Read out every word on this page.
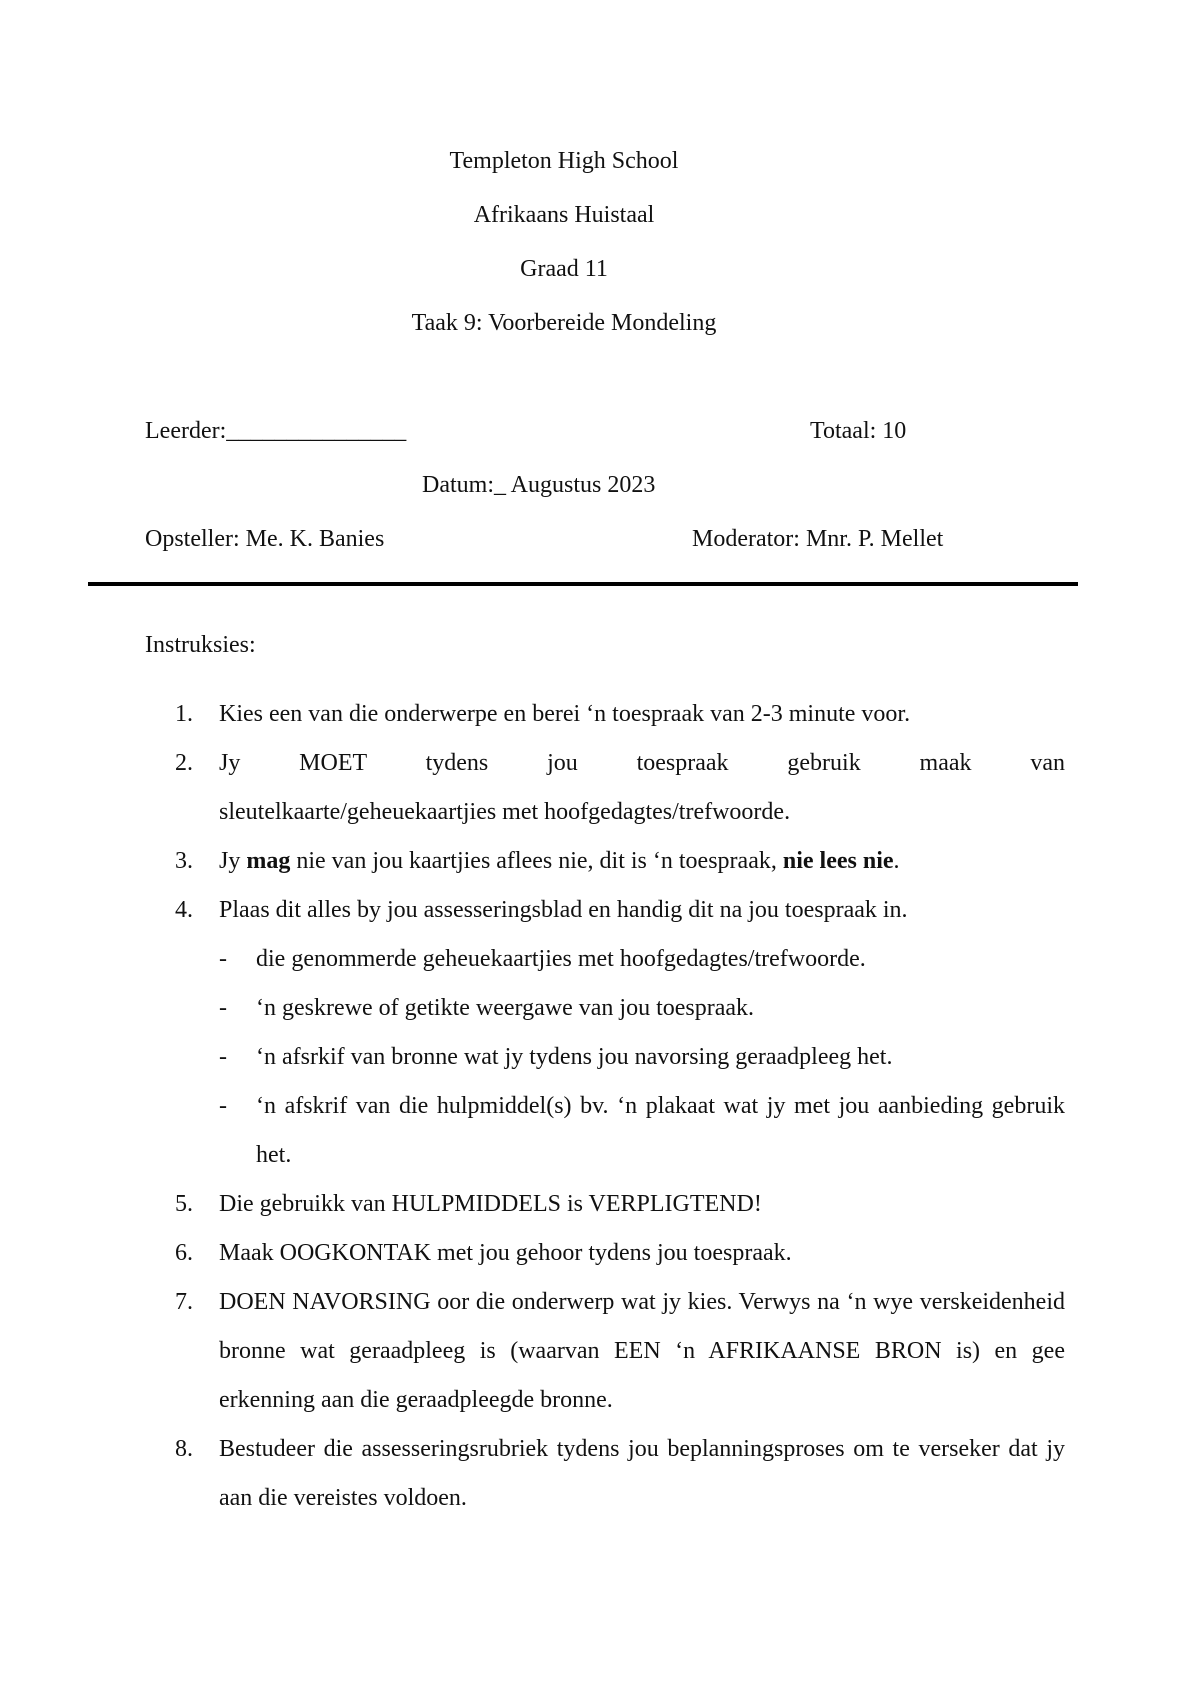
Templeton High School
Afrikaans Huistaal
Graad 11
Taak 9: Voorbereide Mondeling
Leerder:_______________	Totaal: 10
Datum:_ Augustus 2023
Opsteller: Me. K. Banies	Moderator: Mnr. P. Mellet
Instruksies:
1. Kies een van die onderwerpe en berei ‘n toespraak van 2-3 minute voor.
2. Jy MOET tydens jou toespraak gebruik maak van
sleutelkaarte/geheuekaartjies met hoofgedagtes/trefwoorde.
3. Jy mag nie van jou kaartjies aflees nie, dit is ‘n toespraak, nie lees nie.
4. Plaas dit alles by jou assesseringsblad en handig dit na jou toespraak in.
- die genommerde geheuekaartjies met hoofgedagtes/trefwoorde.
- ‘n geskrewe of getikte weergawe van jou toespraak.
- ‘n afsrkif van bronne wat jy tydens jou navorsing geraadpleeg het.
- ‘n afskrif van die hulpmiddel(s) bv. ‘n plakaat wat jy met jou aanbieding gebruik het.
5. Die gebruikk van HULPMIDDELS is VERPLIGTEND!
6. Maak OOGKONTAK met jou gehoor tydens jou toespraak.
7. DOEN NAVORSING oor die onderwerp wat jy kies. Verwys na ‘n wye verskeidenheid bronne wat geraadpleeg is (waarvan EEN ‘n AFRIKAANSE BRON is) en gee erkenning aan die geraadpleegde bronne.
8. Bestudeer die assesseringsrubriek tydens jou beplanningsproses om te verseker dat jy aan die vereistes voldoen.
